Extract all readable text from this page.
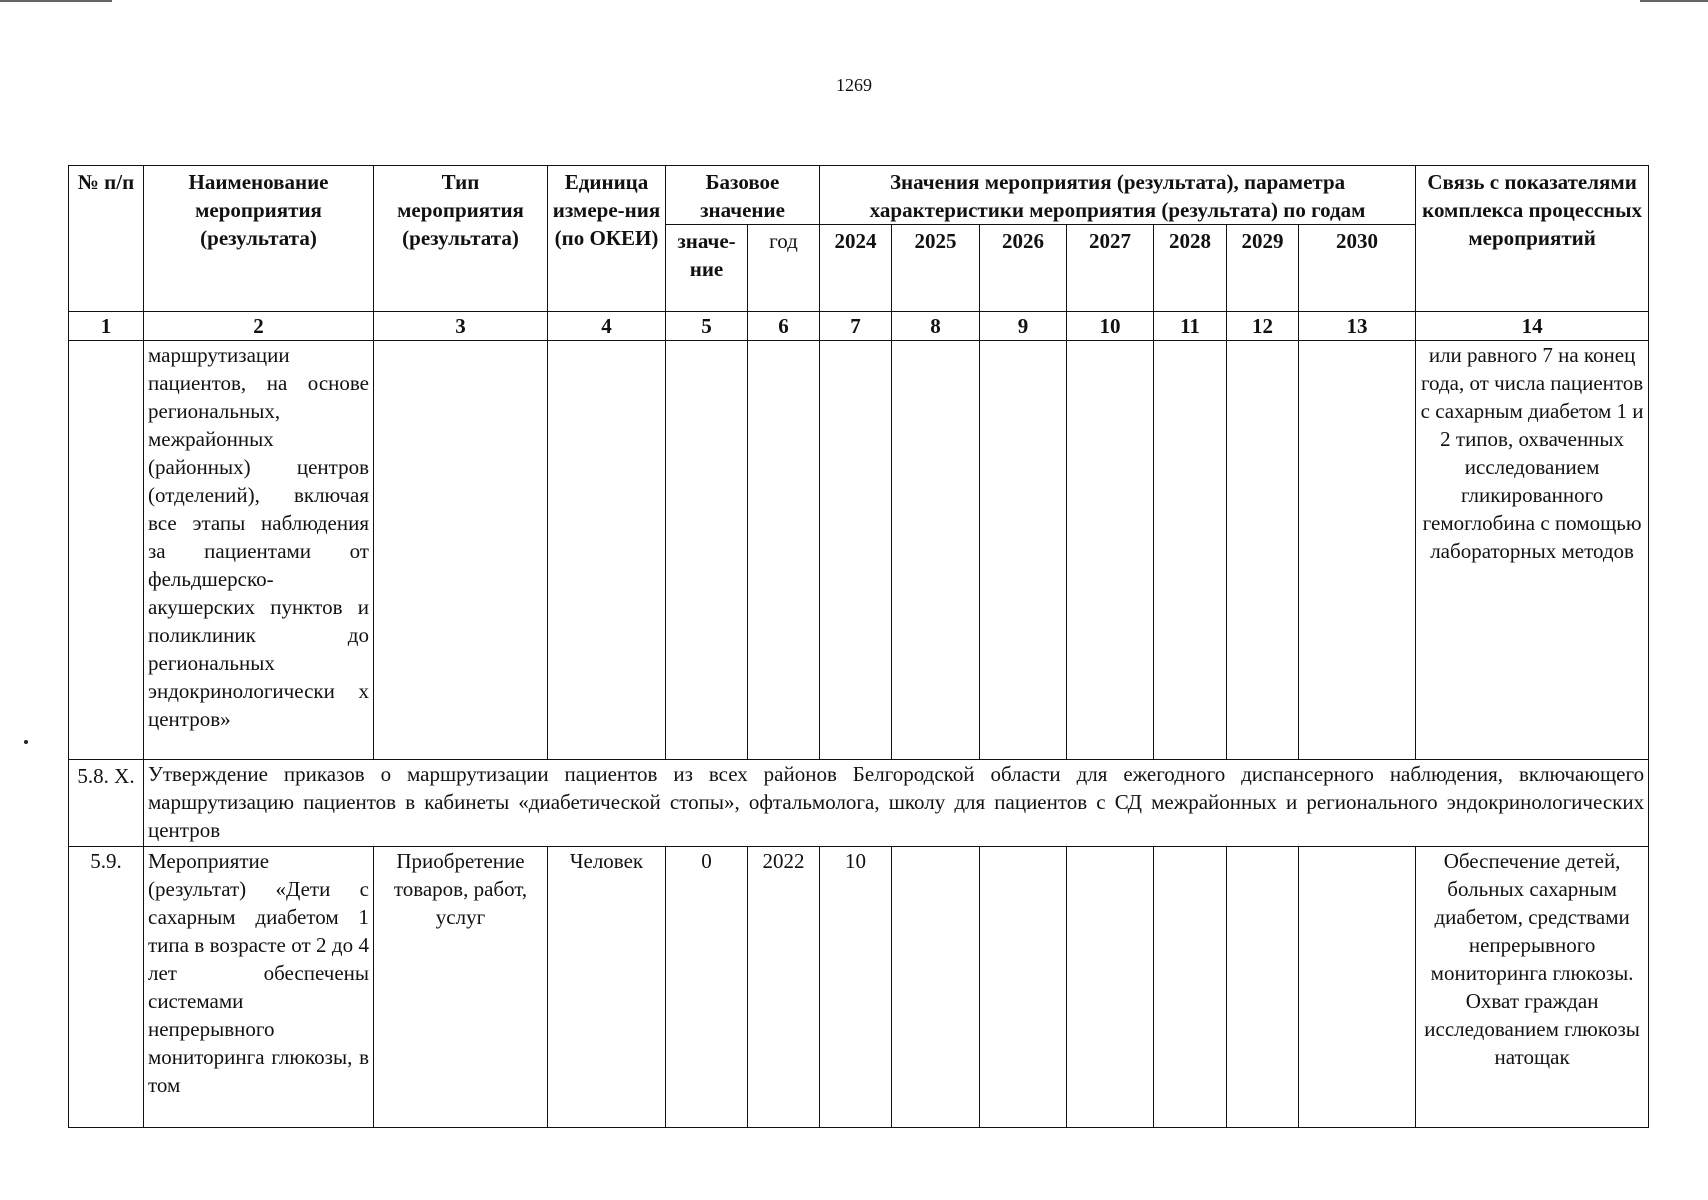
1269
№ п/п	Наименование мероприятия (результата)	Тип мероприятия (результата)	Единица измере-ния (по ОКЕИ)	Базовое значение		Значения мероприятия (результата), параметра характеристики мероприятия (результата) по годам							Связь с показателями комплекса процессных мероприятий
				значе-ние	год	2024	2025	2026	2027	2028	2029	2030	
1	2	3	4	5	6	7	8	9	10	11	12	13	14
	маршрутизации пациентов, на основе региональных, межрайонных (районных) центров (отделений), включая все этапы наблюдения за пациентами от фельдшерско-акушерских пунктов и поликлиник до региональных эндокринологически х центров»												или равного 7 на конец года, от числа пациентов с сахарным диабетом 1 и 2 типов, охваченных исследованием гликированного гемоглобина с помощью лабораторных методов
5.8. Х.	Утверждение приказов о маршрутизации пациентов из всех районов Белгородской области для ежегодного диспансерного наблюдения, включающего маршрутизацию пациентов в кабинеты «диабетической стопы», офтальмолога, школу для пациентов с СД межрайонных и регионального эндокринологических центров												
5.9.	Мероприятие (результат) «Дети с сахарным диабетом 1 типа в возрасте от 2 до 4 лет обеспечены системами непрерывного мониторинга глюкозы, в том	Приобретение товаров, работ, услуг	Человек	0	2022	10							Обеспечение детей, больных сахарным диабетом, средствами непрерывного мониторинга глюкозы. Охват граждан исследованием глюкозы натощак
